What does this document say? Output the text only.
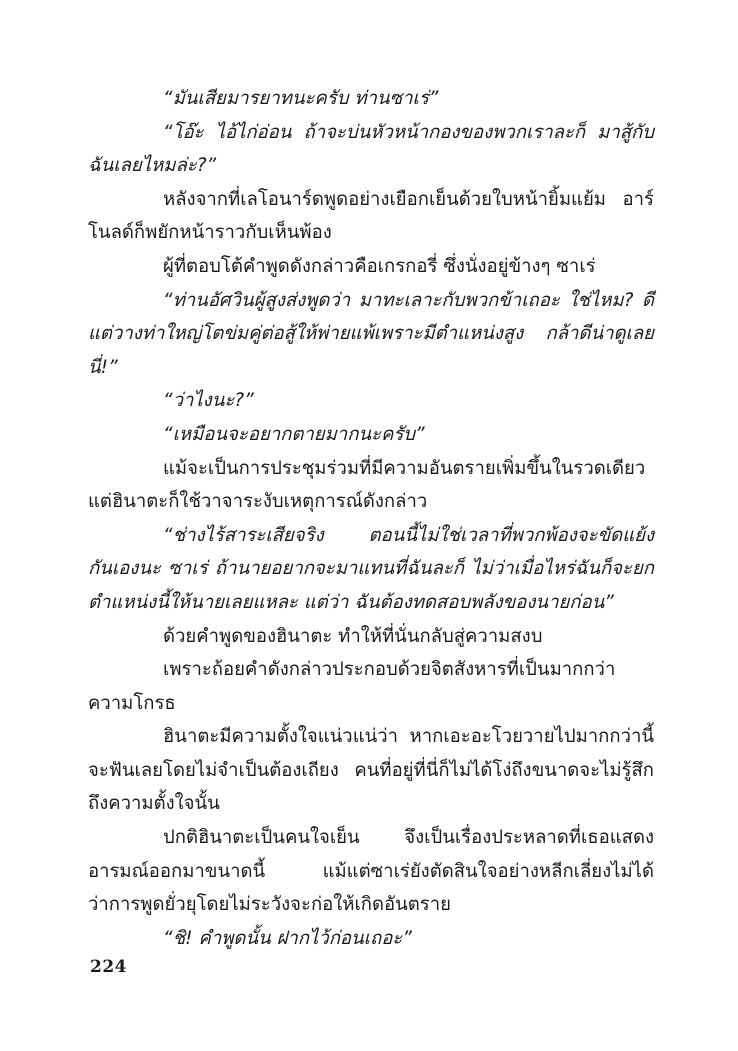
“มันเสียมารยาทนะครับ ท่านซาเร่”

“โอ๊ะ ไอ้ไก่อ่อน ถ้าจะบ่นหัวหน้ากองของพวกเราละก็ มาสู้กับฉันเลยไหมล่ะ?”

หลังจากที่เลโอนาร์ดพูดอย่างเยือกเย็นด้วยใบหน้ายิ้มแย้ม อาร์โนลด์ก็พยักหน้าราวกับเห็นพ้อง

ผู้ที่ตอบโต้คำพูดดังกล่าวคือเกรกอรี่ ซึ่งนั่งอยู่ข้างๆ ซาเร่

“ท่านอัศวินผู้สูงส่งพูดว่า มาทะเลาะกับพวกข้าเถอะ ใช่ไหม? ดีแต่วางท่าใหญ่โตข่มคู่ต่อสู้ให้พ่ายแพ้เพราะมีตำแหน่งสูง กล้าดีน่าดูเลยนี่!”

“ว่าไงนะ?”

“เหมือนจะอยากตายมากนะครับ”

แม้จะเป็นการประชุมร่วมที่มีความอันตรายเพิ่มขึ้นในรวดเดียว แต่ฮินาตะก็ใช้วาจาระงับเหตุการณ์ดังกล่าว

“ช่างไร้สาระเสียจริง ตอนนี้ไม่ใช่เวลาที่พวกพ้องจะขัดแย้งกันเองนะ ซาเร่ ถ้านายอยากจะมาแทนที่ฉันละก็ ไม่ว่าเมื่อไหร่ฉันก็จะยกตำแหน่งนี้ให้นายเลยแหละ แต่ว่า ฉันต้องทดสอบพลังของนายก่อน”

ด้วยคำพูดของฮินาตะ ทำให้ที่นั่นกลับสู่ความสงบ

เพราะถ้อยคำดังกล่าวประกอบด้วยจิตสังหารที่เป็นมากกว่าความโกรธ

ฮินาตะมีความตั้งใจแน่วแน่ว่า หากเอะอะโวยวายไปมากกว่านี้ จะฟันเลยโดยไม่จำเป็นต้องเถียง คนที่อยู่ที่นี่ก็ไม่ได้โง่ถึงขนาดจะไม่รู้สึกถึงความตั้งใจนั้น

ปกติฮินาตะเป็นคนใจเย็น จึงเป็นเรื่องประหลาดที่เธอแสดงอารมณ์ออกมาขนาดนี้ แม้แต่ซาเร่ยังตัดสินใจอย่างหลีกเลี่ยงไม่ได้ว่าการพูดยั่วยุโดยไม่ระวังจะก่อให้เกิดอันตราย

“ชิ! คำพูดนั้น ฝากไว้ก่อนเถอะ”

224
